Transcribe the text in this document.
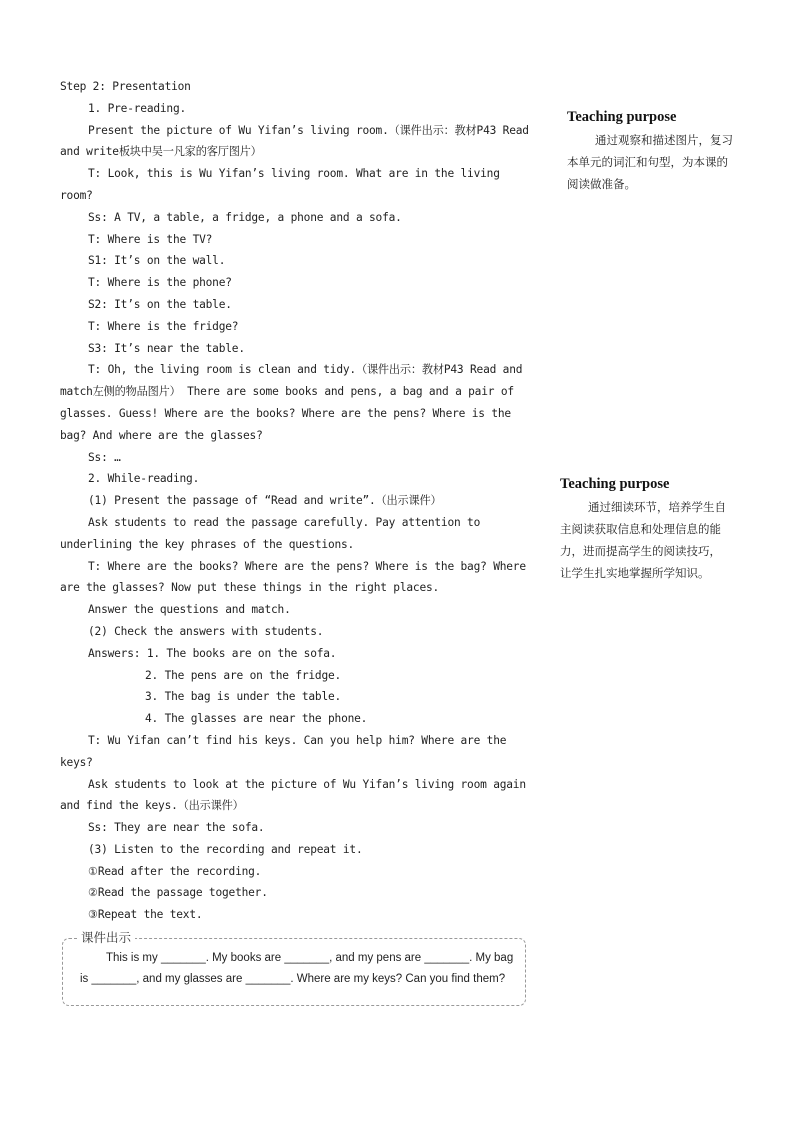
Step 2: Presentation

1. Pre-reading.

Present the picture of Wu Yifan’s living room.（课件出示：教材P43 Read and write板块中吴一凡家的客厅图片）

T: Look, this is Wu Yifan’s living room. What are in the living room?

Ss: A TV, a table, a fridge, a phone and a sofa.

T: Where is the TV?

S1: It’s on the wall.

T: Where is the phone?

S2: It’s on the table.

T: Where is the fridge?

S3: It’s near the table.

T: Oh, the living room is clean and tidy.（课件出示：教材P43 Read and match左侧的物品图片） There are some books and pens, a bag and a pair of glasses. Guess! Where are the books? Where are the pens? Where is the bag? And where are the glasses?

Ss: …

2. While-reading.

(1) Present the passage of “Read and write”.（出示课件）

Ask students to read the passage carefully. Pay attention to underlining the key phrases of the questions.

T: Where are the books? Where are the pens? Where is the bag? Where are the glasses? Now put these things in the right places.

Answer the questions and match.

(2) Check the answers with students.

Answers: 1. The books are on the sofa.

2. The pens are on the fridge.

3. The bag is under the table.

4. The glasses are near the phone.

T: Wu Yifan can’t find his keys. Can you help him? Where are the keys?

Ask students to look at the picture of Wu Yifan’s living room again and find the keys.（出示课件）

Ss: They are near the sofa.

(3) Listen to the recording and repeat it.

①Read after the recording.

②Read the passage together.

③Repeat the text.

Teaching purpose

通过观察和描述图片，复习本单元的词汇和句型，为本课的阅读做准备。

Teaching purpose

通过细读环节，培养学生自主阅读获取信息和处理信息的能力，进而提高学生的阅读技巧，让学生扎实地掌握所学知识。

课件出示

This is my _______. My books are _______, and my pens are _______. My bag is _______, and my glasses are _______. Where are my keys? Can you find them?
